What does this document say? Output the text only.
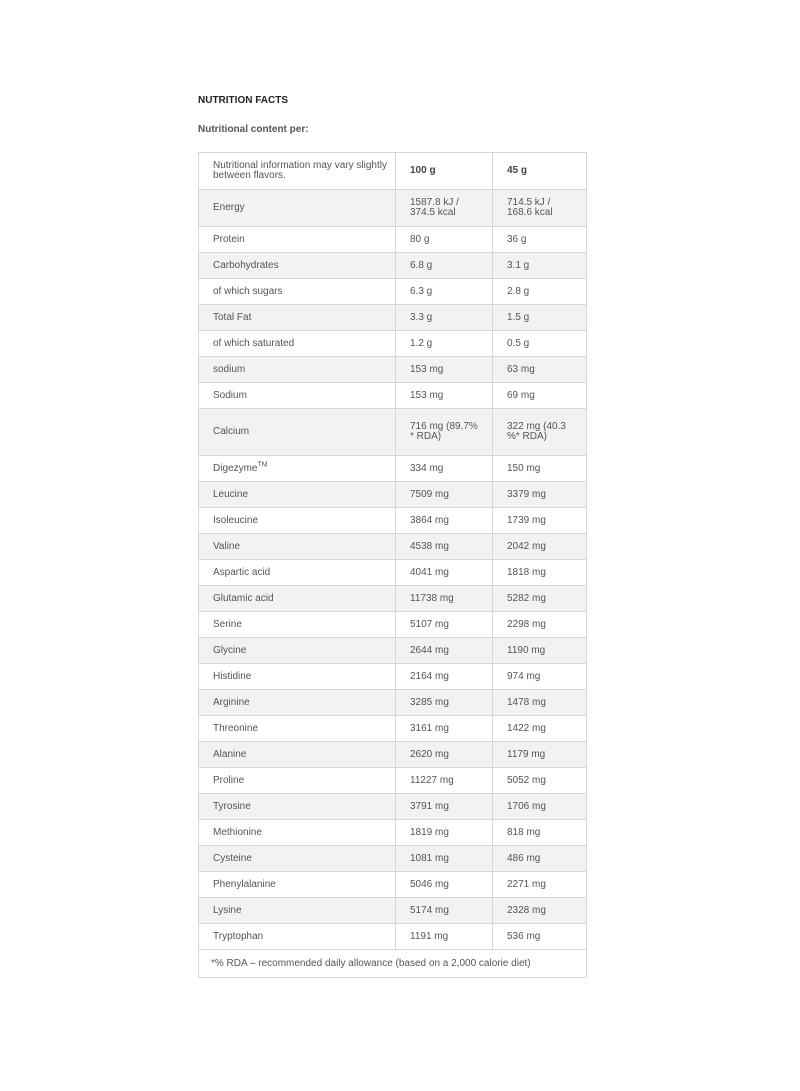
NUTRITION FACTS
Nutritional content per:
Nutritional information may vary slightly between flavors.	100 g	45 g
Energy	1587.8 kJ / 374.5 kcal	714.5 kJ / 168.6 kcal
Protein	80 g	36 g
Carbohydrates	6.8 g	3.1 g
of which sugars	6.3 g	2.8 g
Total Fat	3.3 g	1.5 g
of which saturated	1.2 g	0.5 g
sodium	153 mg	63 mg
Sodium	153 mg	69 mg
Calcium	716 mg (89.7% * RDA)	322 mg (40.3 %* RDA)
Digezyme™	334 mg	150 mg
Leucine	7509 mg	3379 mg
Isoleucine	3864 mg	1739 mg
Valine	4538 mg	2042 mg
Aspartic acid	4041 mg	1818 mg
Glutamic acid	11738 mg	5282 mg
Serine	5107 mg	2298 mg
Glycine	2644 mg	1190 mg
Histidine	2164 mg	974 mg
Arginine	3285 mg	1478 mg
Threonine	3161 mg	1422 mg
Alanine	2620 mg	1179 mg
Proline	11227 mg	5052 mg
Tyrosine	3791 mg	1706 mg
Methionine	1819 mg	818 mg
Cysteine	1081 mg	486 mg
Phenylalanine	5046 mg	2271 mg
Lysine	5174 mg	2328 mg
Tryptophan	1191 mg	536 mg
*% RDA – recommended daily allowance (based on a 2,000 calorie diet)		
